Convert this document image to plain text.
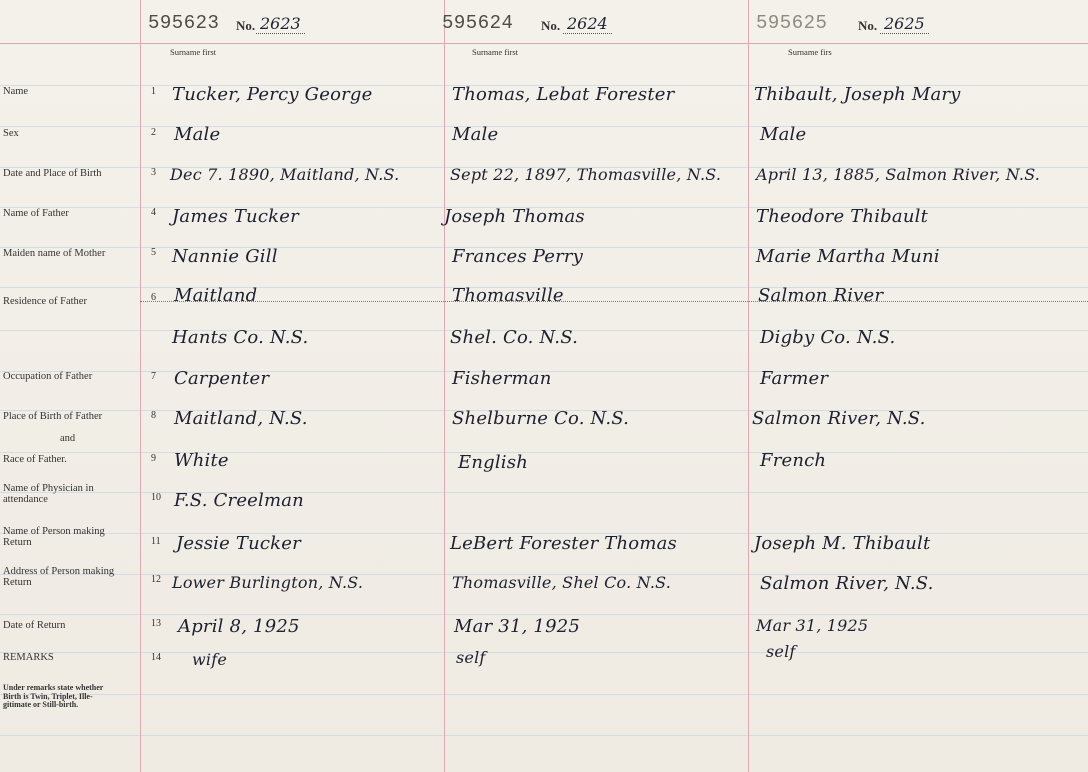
Name
Sex
Date and Place of Birth
Name of Father
Maiden name of Mother
Residence of Father
Occupation of Father
Place of Birth of Father
and
Race of Father.
Name of Physician in
attendance
Name of Person making
Return
Address of Person making
Return
Date of Return
REMARKS
Under remarks state whether
Birth is Twin, Triplet, Ille-
gitimate or Still-birth.
1
2
3
4
5
6
7
8
9
10
11
12
13
14
595623 No. 2623
Surname first
Tucker, Percy George
Male
Dec 7. 1890, Maitland, N.S.
James Tucker
Nannie Gill
Maitland
Hants Co. N.S.
Carpenter
Maitland, N.S.
White
F.S. Creelman
Jessie Tucker
Lower Burlington, N.S.
April 8, 1925
wife
595624 No. 2624
Surname first
Thomas, Lebat Forester
Male
Sept 22, 1897, Thomasville, N.S.
Joseph Thomas
Frances Perry
Thomasville
Shel. Co. N.S.
Fisherman
Shelburne Co. N.S.
English
LeBert Forester Thomas
Thomasville, Shel Co. N.S.
Mar 31, 1925
self
595625 No. 2625
Surname firs
Thibault, Joseph Mary
Male
April 13, 1885, Salmon River, N.S.
Theodore Thibault
Marie Martha Muni
Salmon River
Digby Co. N.S.
Farmer
Salmon River, N.S.
French
Joseph M. Thibault
Salmon River, N.S.
Mar 31, 1925
self
